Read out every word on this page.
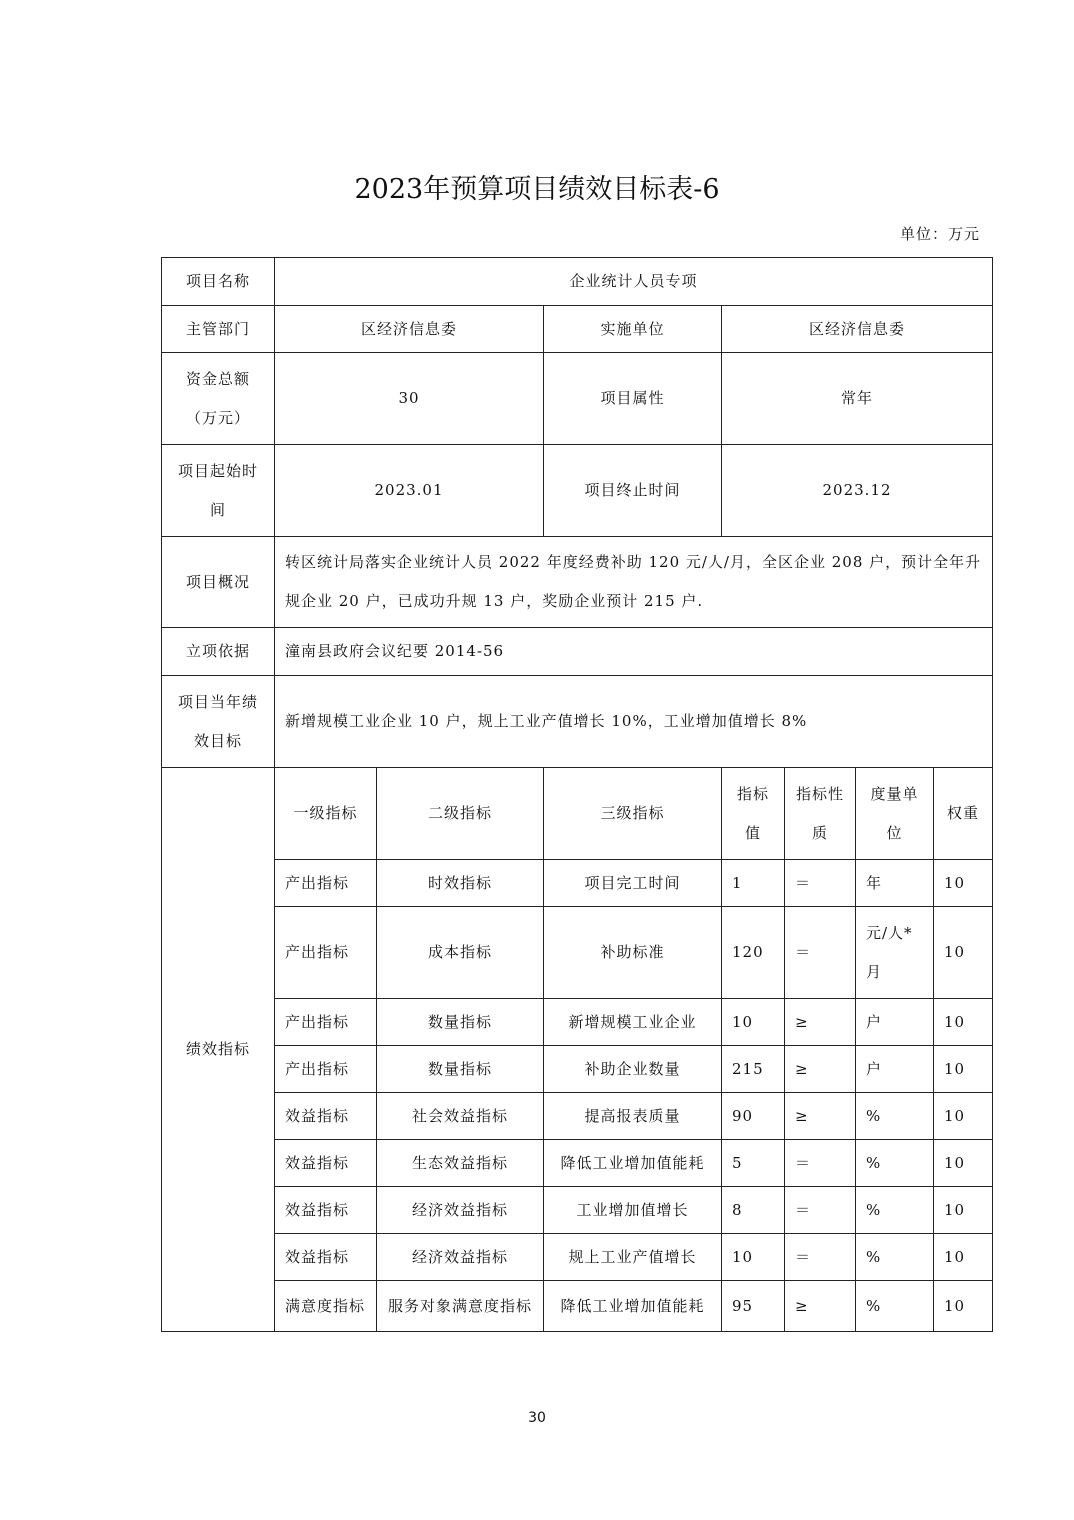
2023年预算项目绩效目标表-6
单位：万元
项目名称	企业统计人员专项						
主管部门	区经济信息委		实施单位	区经济信息委			
资金总额（万元）	30		项目属性	常年			
项目起始时间	2023.01		项目终止时间	2023.12			
项目概况	转区统计局落实企业统计人员 2022 年度经费补助 120 元/人/月，全区企业 208 户，预计全年升规企业 20 户，已成功升规 13 户，奖励企业预计 215 户.						
立项依据	潼南县政府会议纪要 2014-56						
项目当年绩效目标	新增规模工业企业 10 户，规上工业产值增长 10%，工业增加值增长 8%						
绩效指标	一级指标	二级指标	三级指标	指标值	指标性质	度量单位	权重
	产出指标	时效指标	项目完工时间	1	＝	年	10
	产出指标	成本指标	补助标准	120	＝	元/人*月	10
	产出指标	数量指标	新增规模工业企业	10	≥	户	10
	产出指标	数量指标	补助企业数量	215	≥	户	10
	效益指标	社会效益指标	提高报表质量	90	≥	%	10
	效益指标	生态效益指标	降低工业增加值能耗	5	＝	%	10
	效益指标	经济效益指标	工业增加值增长	8	＝	%	10
	效益指标	经济效益指标	规上工业产值增长	10	＝	%	10
	满意度指标	服务对象满意度指标	降低工业增加值能耗	95	≥	%	10
30
